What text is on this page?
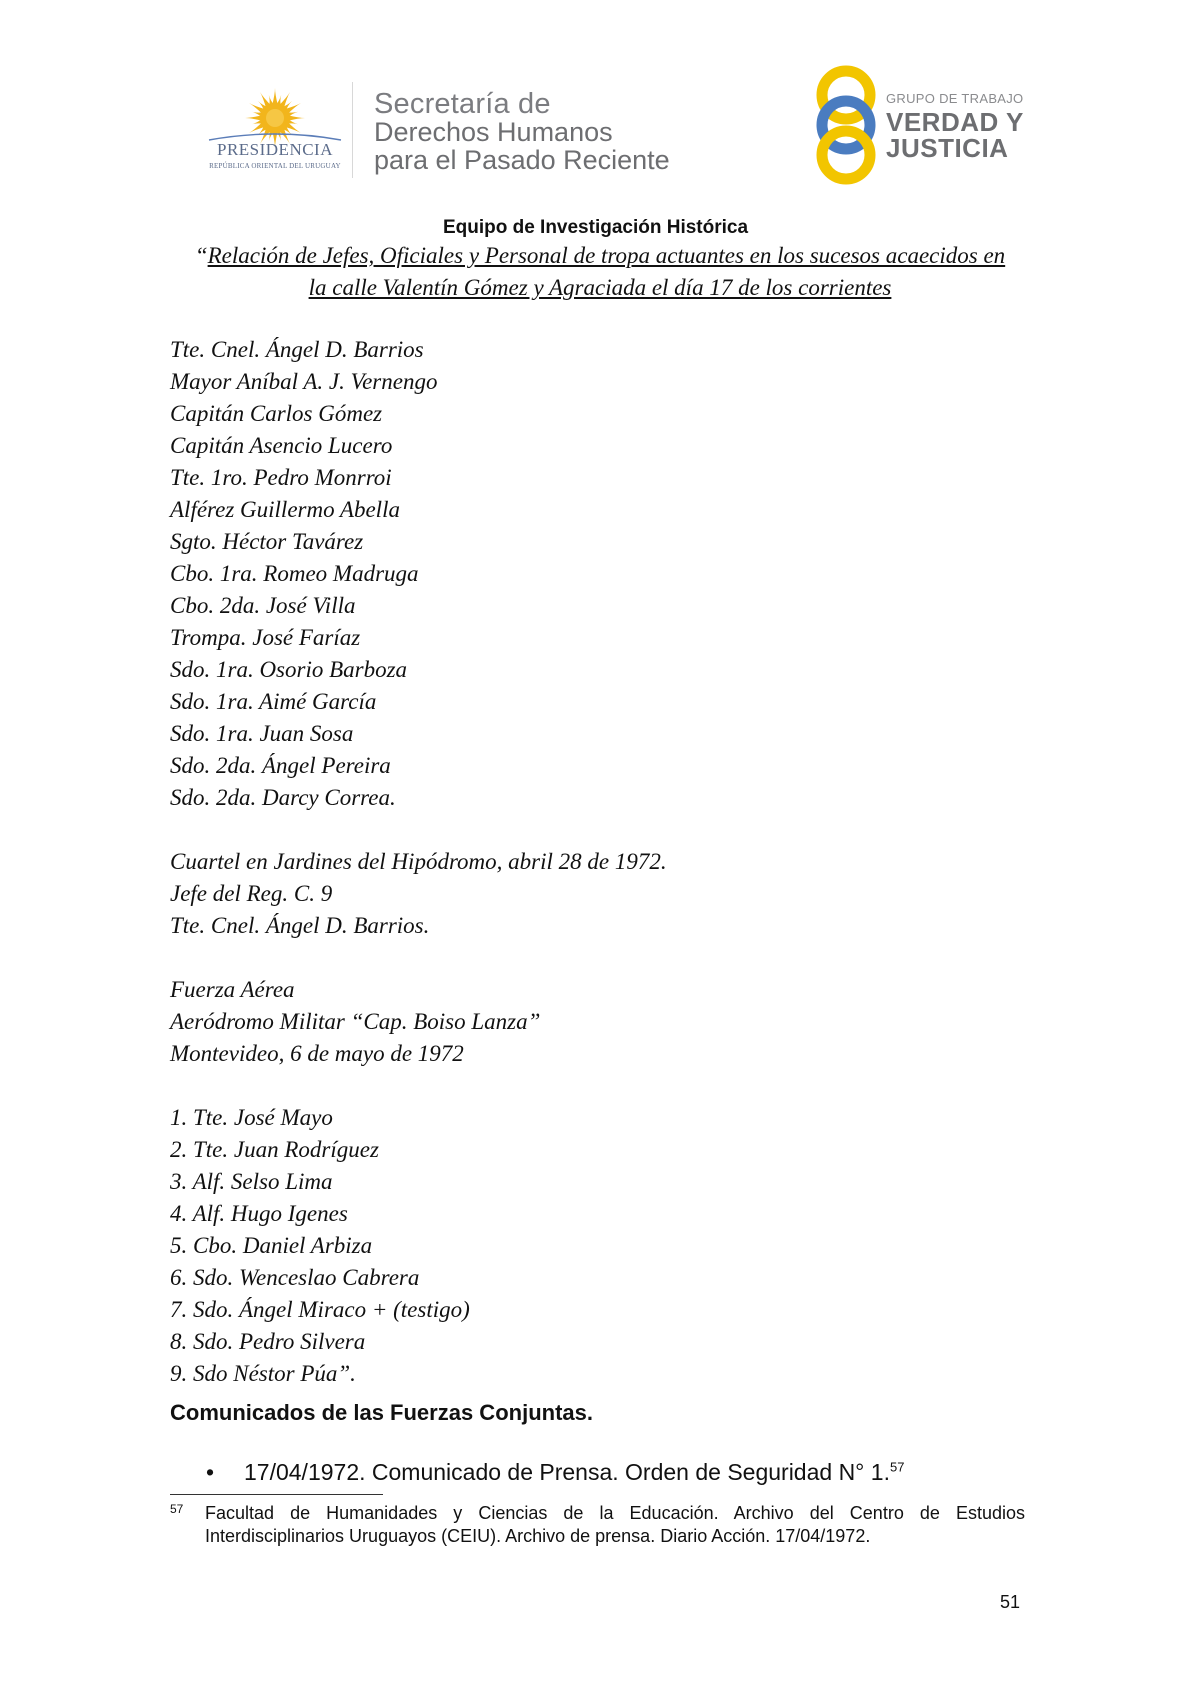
PRESIDENCIA
REPÚBLICA ORIENTAL DEL URUGUAY
Secretaría de
Derechos Humanos
para el Pasado Reciente
GRUPO DE TRABAJO
VERDAD Y
JUSTICIA
Equipo de Investigación Histórica
“Relación de Jefes, Oficiales y Personal de tropa actuantes en los sucesos acaecidos en
la calle Valentín Gómez y Agraciada el día 17 de los corrientes
Tte. Cnel. Ángel D. Barrios
Mayor Aníbal A. J. Vernengo
Capitán Carlos Gómez
Capitán Asencio Lucero
Tte. 1ro. Pedro Monrroi
Alférez Guillermo Abella
Sgto. Héctor Tavárez
Cbo. 1ra. Romeo Madruga
Cbo. 2da. José Villa
Trompa. José Faríaz
Sdo. 1ra. Osorio Barboza
Sdo. 1ra. Aimé García
Sdo. 1ra. Juan Sosa
Sdo. 2da. Ángel Pereira
Sdo. 2da. Darcy Correa.
Cuartel en Jardines del Hipódromo, abril 28 de 1972.
Jefe del Reg. C. 9
Tte. Cnel. Ángel D. Barrios.
Fuerza Aérea
Aeródromo Militar “Cap. Boiso Lanza”
Montevideo, 6 de mayo de 1972
1. Tte. José Mayo
2. Tte. Juan Rodríguez
3. Alf. Selso Lima
4. Alf. Hugo Igenes
5. Cbo. Daniel Arbiza
6. Sdo. Wenceslao Cabrera
7. Sdo. Ángel Miraco + (testigo)
8. Sdo. Pedro Silvera
9. Sdo Néstor Púa”.
Comunicados de las Fuerzas Conjuntas.
• 17/04/1972. Comunicado de Prensa. Orden de Seguridad N° 1.57
57 Facultad de Humanidades y Ciencias de la Educación. Archivo del Centro de Estudios Interdisciplinarios Uruguayos (CEIU). Archivo de prensa. Diario Acción. 17/04/1972.
51
